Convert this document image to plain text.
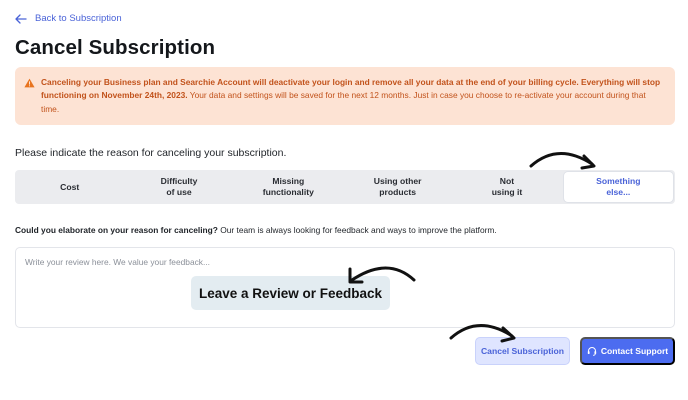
Back to Subscription
Cancel Subscription
Canceling your Business plan and Searchie Account will deactivate your login and remove all your data at the end of your billing cycle. Everything will stop functioning on November 24th, 2023. Your data and settings will be saved for the next 12 months. Just in case you choose to re-activate your account during that time.
Please indicate the reason for canceling your subscription.
Cost
Difficulty
of use
Missing
functionality
Using other
products
Not
using it
Something
else...
Could you elaborate on your reason for canceling? Our team is always looking for feedback and ways to improve the platform.
Write your review here. We value your feedback...
Leave a Review or Feedback
Cancel Subscription	Contact Support
